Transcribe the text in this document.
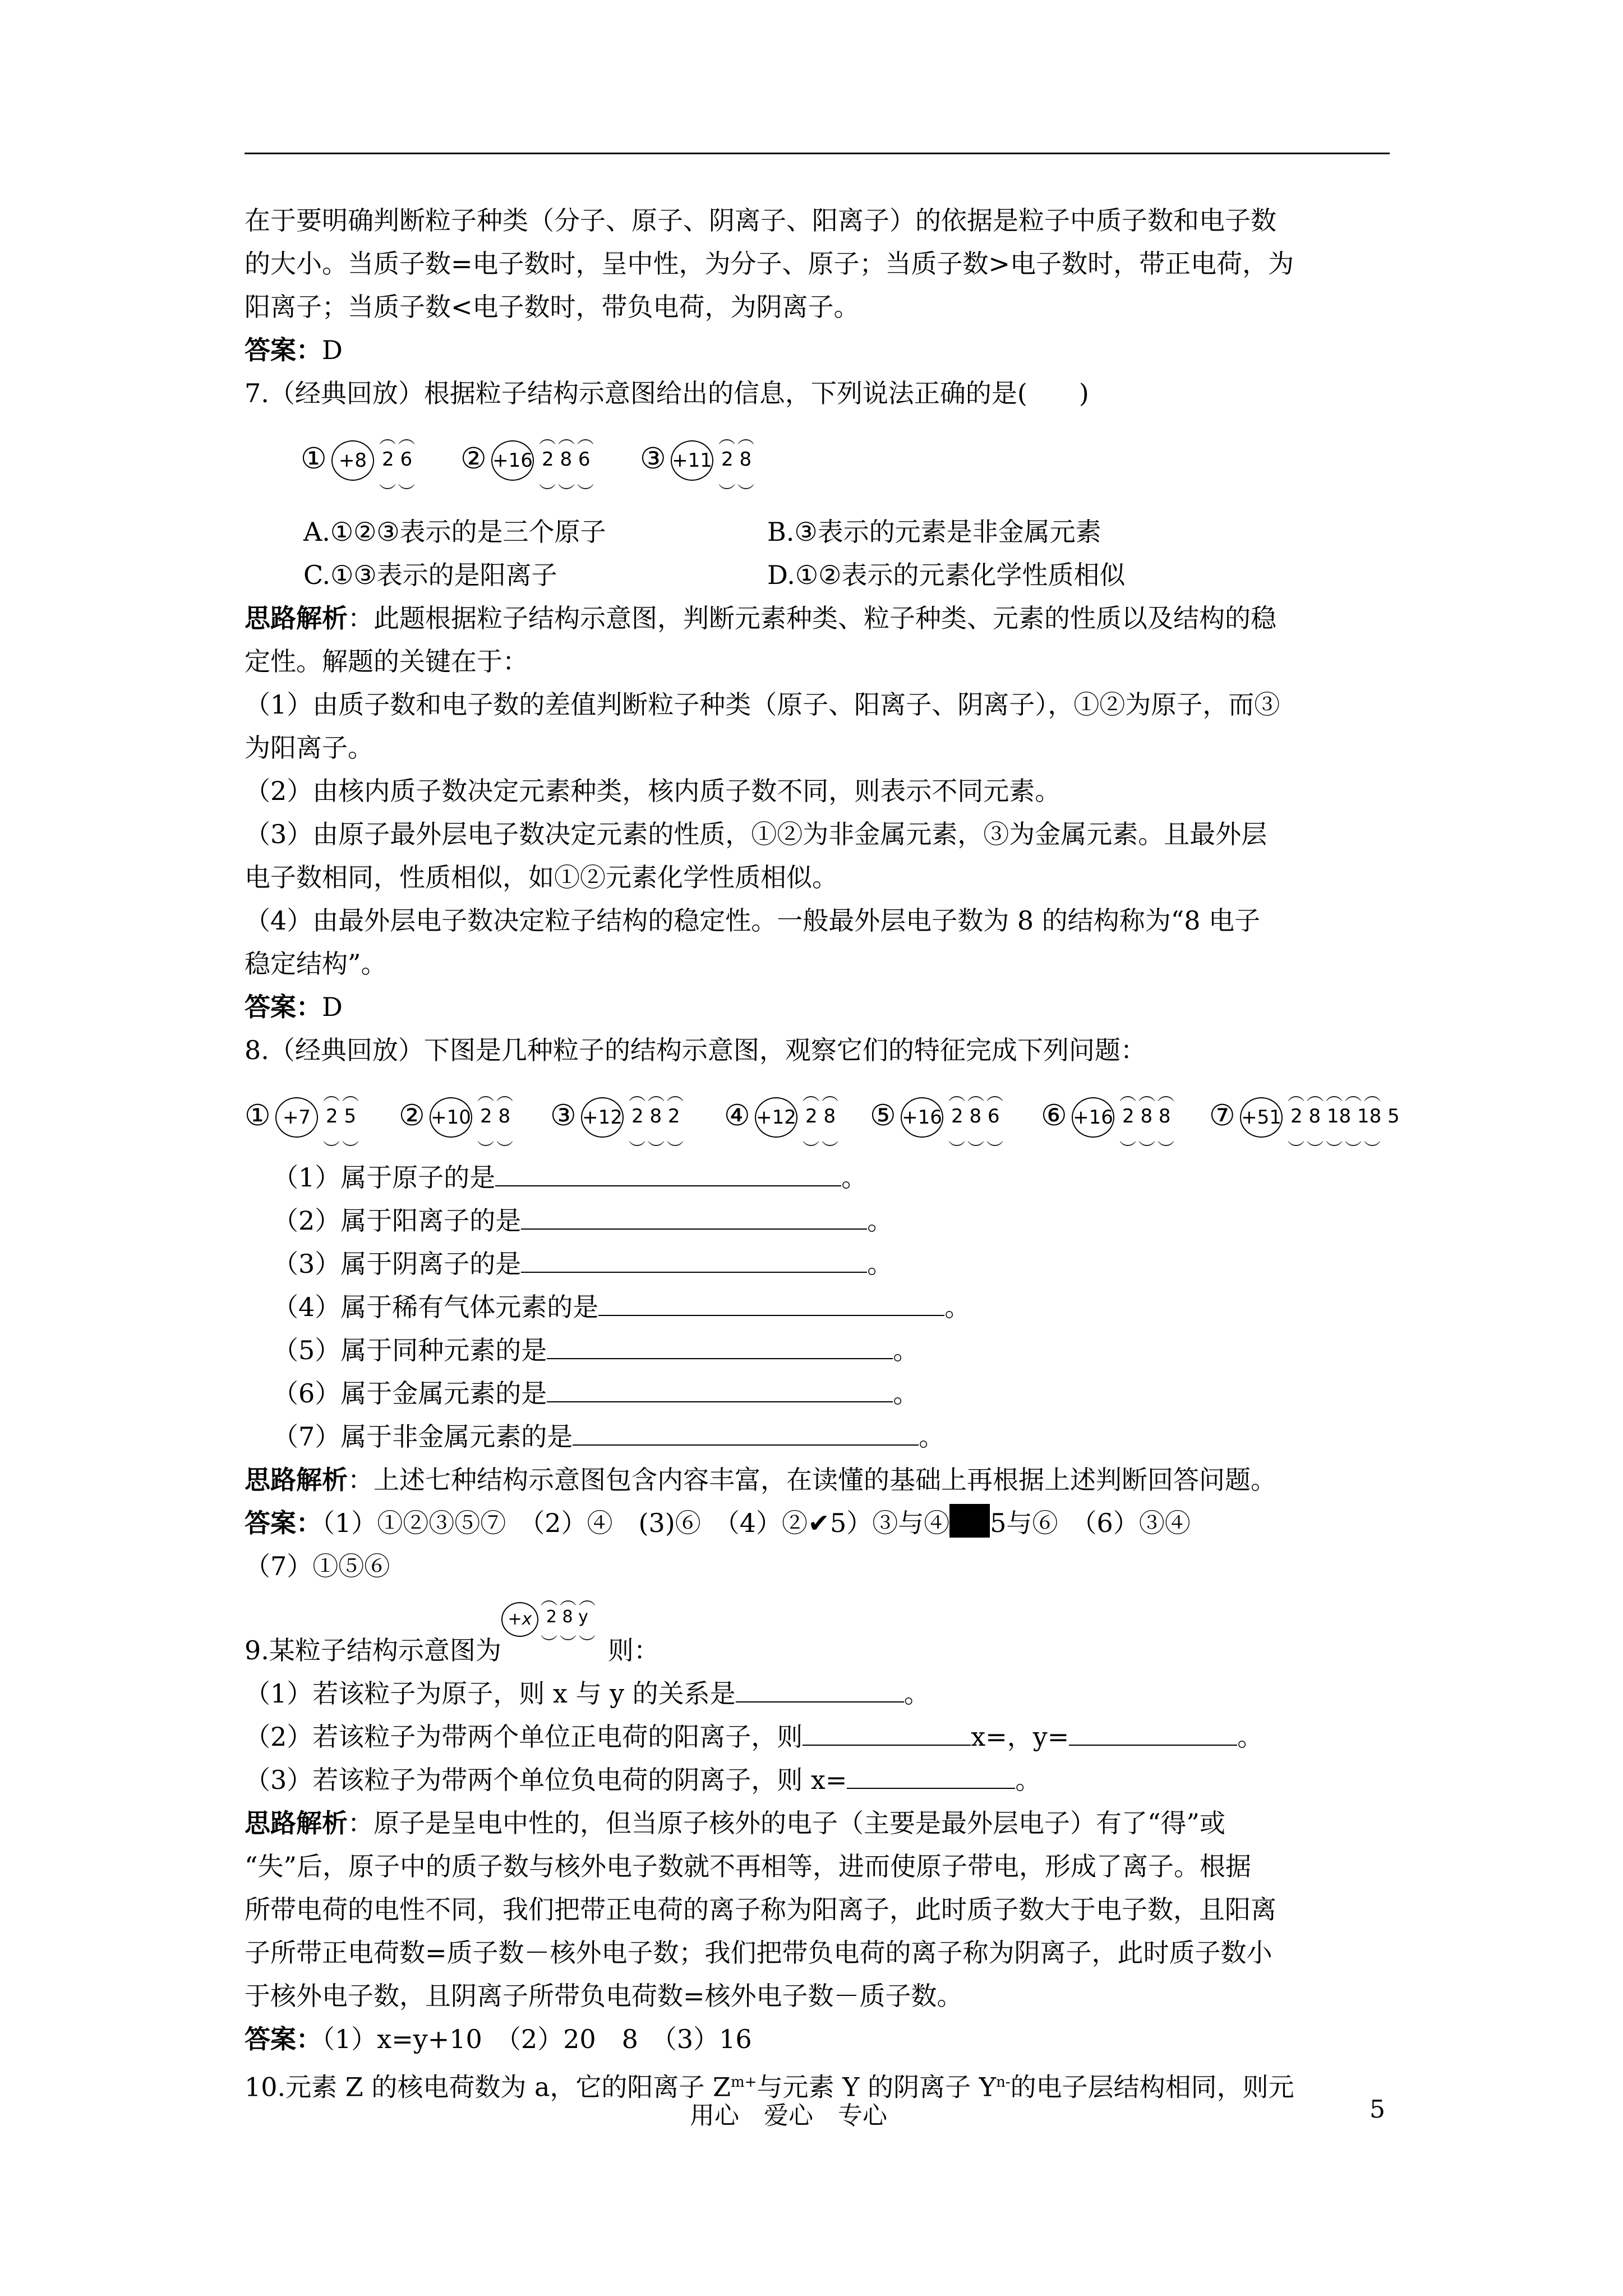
在于要明确判断粒子种类（分子、原子、阴离子、阳离子）的依据是粒子中质子数和电子数
的大小。当质子数=电子数时，呈中性，为分子、原子；当质子数>电子数时，带正电荷，为
阳离子；当质子数<电子数时，带负电荷，为阴离子。
答案：D
7.（经典回放）根据粒子结构示意图给出的信息，下列说法正确的是(　　)
① +8
︵︵
2 6
︶︶
② +16
︵︵︵
2 8 6
︶︶︶
③ +11
︵︵
2 8
︶︶
A.①②③表示的是三个原子	B.③表示的元素是非金属元素
C.①③表示的是阳离子	D.①②表示的元素化学性质相似
思路解析：此题根据粒子结构示意图，判断元素种类、粒子种类、元素的性质以及结构的稳
定性。解题的关键在于：
（1）由质子数和电子数的差值判断粒子种类（原子、阳离子、阴离子），①②为原子，而③
为阳离子。
（2）由核内质子数决定元素种类，核内质子数不同，则表示不同元素。
（3）由原子最外层电子数决定元素的性质，①②为非金属元素，③为金属元素。且最外层
电子数相同，性质相似，如①②元素化学性质相似。
（4）由最外层电子数决定粒子结构的稳定性。一般最外层电子数为 8 的结构称为“8 电子
稳定结构”。
答案：D
8.（经典回放）下图是几种粒子的结构示意图，观察它们的特征完成下列问题：
① +7
︵︵
2 5
︶︶
② +10
︵︵
2 8
︶︶
③ +12
︵︵︵
2 8 2
︶︶︶
④ +12
︵︵
2 8
︶︶
⑤ +16
︵︵︵
2 8 6
︶︶︶
⑥ +16
︵︵︵
2 8 8
︶︶︶
⑦ +51
︵︵︵︵︵
2 8 18 18 5
︶︶︶︶︶
（1）属于原子的是	。
（2）属于阳离子的是	。
（3）属于阴离子的是	。
（4）属于稀有气体元素的是	。
（5）属于同种元素的是	。
（6）属于金属元素的是	。
（7）属于非金属元素的是	。
思路解析：上述七种结构示意图包含内容丰富，在读懂的基础上再根据上述判断回答问题。
答案：（1）①②③⑤⑦　（2）④　(3)⑥　（4）②✔5）③与④ 5与⑥　（6）③④
（7）①⑤⑥
9.某粒子结构示意图为
+x
︵︵︵
2 8 y
︶︶︶ 则：
（1）若该粒子为原子，则 x 与 y 的关系是	。
（2）若该粒子为带两个单位正电荷的阳离子，则	x=，y=	。
（3）若该粒子为带两个单位负电荷的阴离子，则 x=	。
思路解析：原子是呈电中性的，但当原子核外的电子（主要是最外层电子）有了“得”或
“失”后，原子中的质子数与核外电子数就不再相等，进而使原子带电，形成了离子。根据
所带电荷的电性不同，我们把带正电荷的离子称为阳离子，此时质子数大于电子数，且阳离
子所带正电荷数=质子数－核外电子数；我们把带负电荷的离子称为阴离子，此时质子数小
于核外电子数，且阴离子所带负电荷数=核外电子数－质子数。
答案：（1）x=y+10　（2）20　8　（3）16
10.元素 Z 的核电荷数为 a，它的阳离子 $Z^{m+}$与元素 Y 的阴离子 $Y^{n-}$的电子层结构相同，则元
用心　爱心　专心	5
